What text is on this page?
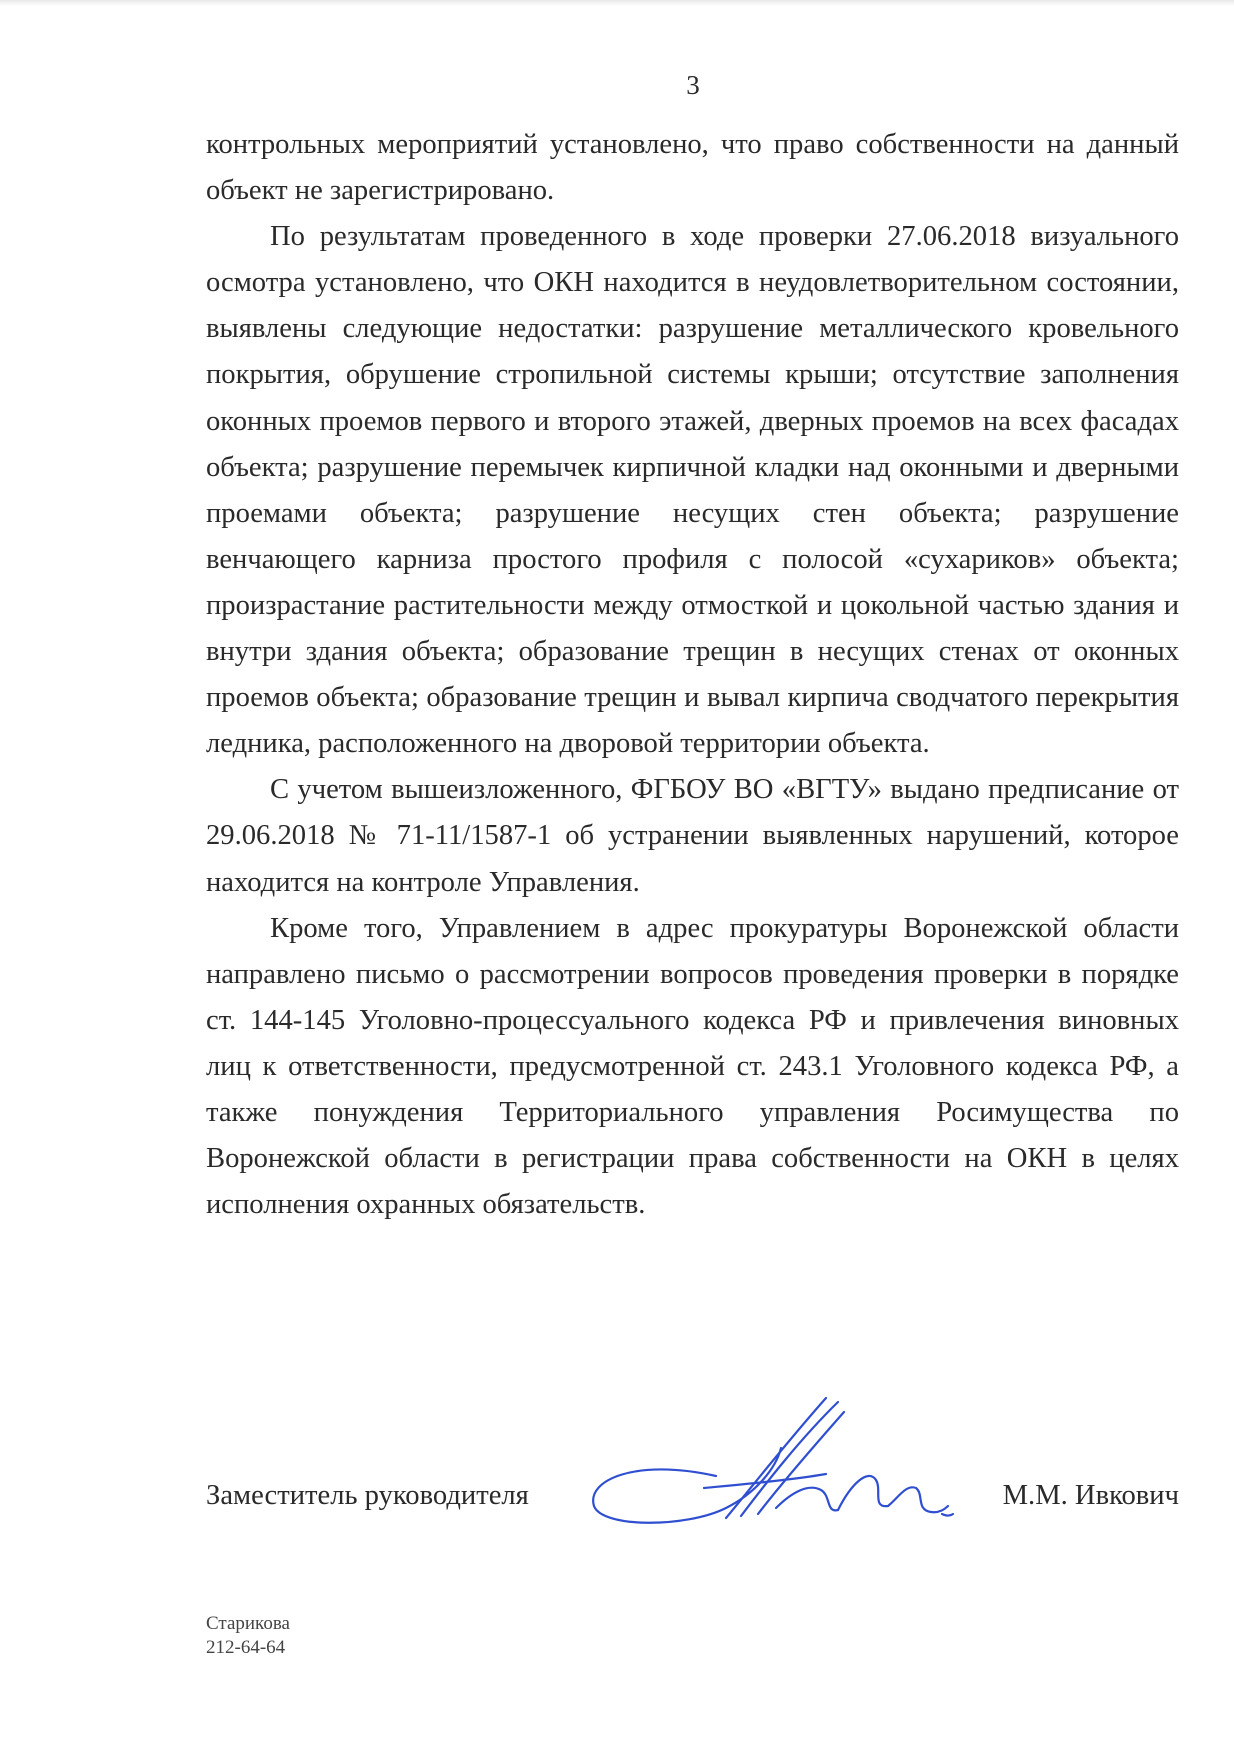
3

контрольных мероприятий установлено, что право собственности на данный объект не зарегистрировано.

По результатам проведенного в ходе проверки 27.06.2018 визуального осмотра установлено, что ОКН находится в неудовлетворительном состоянии, выявлены следующие недостатки: разрушение металлического кровельного покрытия, обрушение стропильной системы крыши; отсутствие заполнения оконных проемов первого и второго этажей, дверных проемов на всех фасадах объекта; разрушение перемычек кирпичной кладки над оконными и дверными проемами объекта; разрушение несущих стен объекта; разрушение венчающего карниза простого профиля с полосой «сухариков» объекта; произрастание растительности между отмосткой и цокольной частью здания и внутри здания объекта; образование трещин в несущих стенах от оконных проемов объекта; образование трещин и вывал кирпича сводчатого перекрытия ледника, расположенного на дворовой территории объекта.

С учетом вышеизложенного, ФГБОУ ВО «ВГТУ» выдано предписание от 29.06.2018 № 71-11/1587-1 об устранении выявленных нарушений, которое находится на контроле Управления.

Кроме того, Управлением в адрес прокуратуры Воронежской области направлено письмо о рассмотрении вопросов проведения проверки в порядке ст. 144-145 Уголовно-процессуального кодекса РФ и привлечения виновных лиц к ответственности, предусмотренной ст. 243.1 Уголовного кодекса РФ, а также понуждения Территориального управления Росимущества по Воронежской области в регистрации права собственности на ОКН в целях исполнения охранных обязательств.

Заместитель руководителя	М.М. Ивкович
Старикова
212-64-64
